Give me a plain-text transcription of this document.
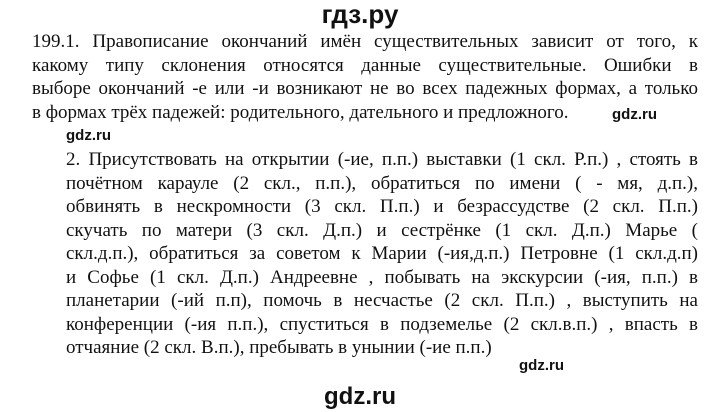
гдз.ру
199.1. Правописание окончаний имён существительных зависит от того, к
какому типу склонения относятся данные существительные. Ошибки в
выборе окончаний -е или -и возникают не во всех падежных формах, а только
в формах трёх падежей: родительного, дательного и предложного.	gdz.ru
gdz.ru
2. Присутствовать на открытии (-ие, п.п.) выставки (1 скл. Р.п.) , стоять в
почётном карауле (2 скл., п.п.), обратиться по имени ( - мя, д.п.),
обвинять в нескромности (3 скл. П.п.) и безрассудстве (2 скл. П.п.)
скучать по матери (3 скл. Д.п.) и сестрёнке (1 скл. Д.п.) Марье (
скл.д.п.), обратиться за советом к Марии (-ия,д.п.) Петровне (1 скл.д.п)
и Софье (1 скл. Д.п.) Андреевне , побывать на экскурсии (-ия, п.п.) в
планетарии (-ий п.п), помочь в несчастье (2 скл. П.п.) , выступить на
конференции (-ия п.п.), спуститься в подземелье (2 скл.в.п.) , впасть в
отчаяние (2 скл. В.п.), пребывать в унынии (-ие п.п.)
gdz.ru
gdz.ru
